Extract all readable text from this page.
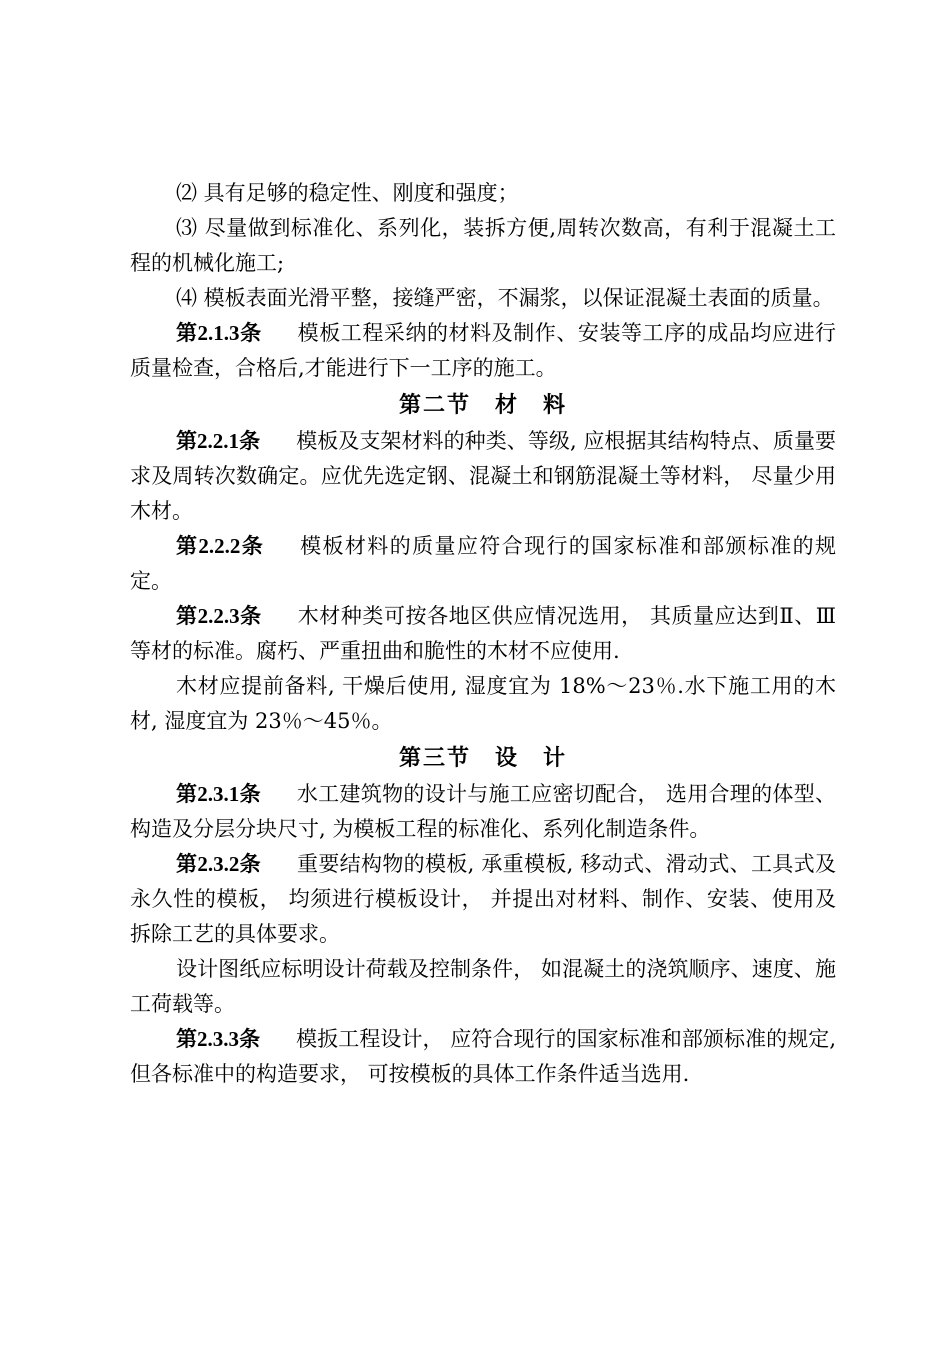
⑵ 具有足够的稳定性、刚度和强度；

⑶ 尽量做到标准化、系列化，装拆方便,周转次数高，有利于混凝土工程的机械化施工;

⑷ 模板表面光滑平整，接缝严密，不漏浆，以保证混凝土表面的质量。

第2.1.3条 模板工程采纳的材料及制作、安装等工序的成品均应进行质量检查，合格后,才能进行下一工序的施工。

第二节　材　料

第2.2.1条 模板及支架材料的种类、等级, 应根据其结构特点、质量要求及周转次数确定。应优先选定钢、混凝土和钢筋混凝土等材料， 尽量少用木材。

第2.2.2条 模板材料的质量应符合现行的国家标准和部颁标准的规定。

第2.2.3条 木材种类可按各地区供应情况选用， 其质量应达到Ⅱ、Ⅲ等材的标准。腐朽、严重扭曲和脆性的木材不应使用.

木材应提前备料, 干燥后使用, 湿度宜为 18%～23％.水下施工用的木材, 湿度宜为 23％～45％。

第三节　设　计

第2.3.1条 水工建筑物的设计与施工应密切配合， 选用合理的体型、构造及分层分块尺寸, 为模板工程的标准化、系列化制造条件。

第2.3.2条 重要结构物的模板, 承重模板, 移动式、滑动式、工具式及永久性的模板， 均须进行模板设计， 并提出对材料、制作、安装、使用及拆除工艺的具体要求。

设计图纸应标明设计荷载及控制条件， 如混凝土的浇筑顺序、速度、施工荷载等。

第2.3.3条 模扳工程设计， 应符合现行的国家标准和部颁标准的规定, 但各标准中的构造要求， 可按模板的具体工作条件适当选用.
